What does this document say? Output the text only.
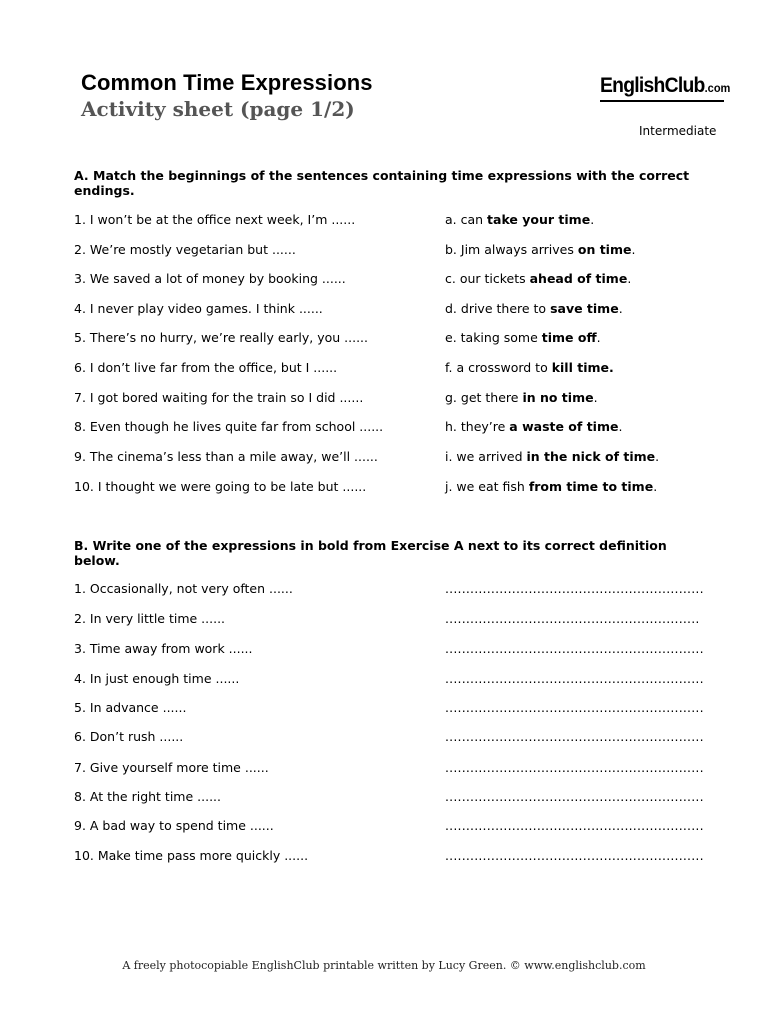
Common Time Expressions
Activity sheet (page 1/2)
EnglishClub.com
Intermediate
A. Match the beginnings of the sentences containing time expressions with the correct endings.
1. I won’t be at the office next week, I’m ......
2. We’re mostly vegetarian but ......
3. We saved a lot of money by booking ......
4. I never play video games. I think ......
5. There’s no hurry, we’re really early, you ......
6. I don’t live far from the office, but I ......
7. I got bored waiting for the train so I did ......
8. Even though he lives quite far from school ......
9. The cinema’s less than a mile away, we’ll ......
10. I thought we were going to be late but ......
a. can take your time.
b. Jim always arrives on time.
c. our tickets ahead of time.
d. drive there to save time.
e. taking some time off.
f. a crossword to kill time.
g. get there in no time.
h. they’re a waste of time.
i. we arrived in the nick of time.
j. we eat fish from time to time.
B. Write one of the expressions in bold from Exercise A next to its correct definition below.
1. Occasionally, not very often ......
2. In very little time ......
3. Time away from work ......
4. In just enough time ......
5. In advance ......
6. Don’t rush ......
7. Give yourself more time ......
8. At the right time ......
9. A bad way to spend time ......
10. Make time pass more quickly ......
..............................................................
.............................................................
..............................................................
..............................................................
..............................................................
..............................................................
..............................................................
..............................................................
..............................................................
..............................................................
A freely photocopiable EnglishClub printable written by Lucy Green. © www.englishclub.com
